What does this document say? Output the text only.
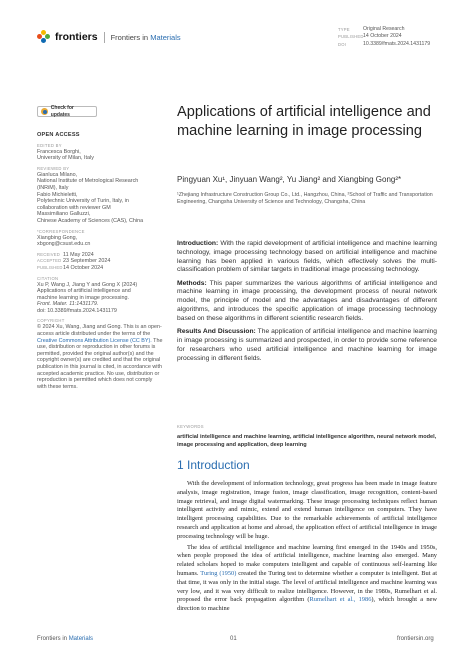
frontiers Frontiers in Materials
TYPE	Original Research
PUBLISHED 14 October 2024
DOI	10.3389/fmats.2024.1431179
Check for updates
OPEN ACCESS
EDITED BY
Francesca Borghi,
University of Milan, Italy
REVIEWED BY
Gianluca Milano,
National Institute of Metrological Research
(INRiM), Italy
Fabio Michieletti,
Polytechnic University of Turin, Italy, in
collaboration with reviewer GM
Massimiliano Galluzzi,
Chinese Academy of Sciences (CAS), China
*CORRESPONDENCE
Xiangbing Gong,
xbgong@csust.edu.cn
RECEIVED 11 May 2024
ACCEPTED 23 September 2024
PUBLISHED 14 October 2024
CITATION
Xu P, Wang J, Jiang Y and Gong X (2024)
Applications of artificial intelligence and
machine learning in image processing.
Front. Mater. 11:1431179.
doi: 10.3389/fmats.2024.1431179
COPYRIGHT
© 2024 Xu, Wang, Jiang and Gong. This is an open-access article distributed under the terms of the Creative Commons Attribution License (CC BY). The use, distribution or reproduction in other forums is permitted, provided the original author(s) and the copyright owner(s) are credited and that the original publication in this journal is cited, in accordance with accepted academic practice. No use, distribution or reproduction is permitted which does not comply with these terms.
Applications of artificial intelligence and machine learning in image processing
Pingyuan Xu¹, Jinyuan Wang², Yu Jiang² and Xiangbing Gong²*
¹Zhejiang Infrastructure Construction Group Co., Ltd., Hangzhou, China, ²School of Traffic and Transportation Engineering, Changsha University of Science and Technology, Changsha, China

Introduction: With the rapid development of artificial intelligence and machine learning technology, image processing technology based on artificial intelligence and machine learning has been applied in various fields, which effectively solves the multi-classification problem of similar targets in traditional image processing technology.

Methods: This paper summarizes the various algorithms of artificial intelligence and machine learning in image processing, the development process of neural network model, the principle of model and the advantages and disadvantages of different algorithms, and introduces the specific application of image processing technology based on these algorithms in different scientific research fields.

Results And Discussion: The application of artificial intelligence and machine learning in image processing is summarized and prospected, in order to provide some reference for researchers who used artificial intelligence and machine learning for image processing in different fields.

KEYWORDS
artificial intelligence and machine learning, artificial intelligence algorithm, neural network model, image processing and application, deep learning
1 Introduction

With the development of information technology, great progress has been made in image feature analysis, image registration, image fusion, image classification, image recognition, content-based image retrieval, and image digital watermarking. These image processing techniques reflect human intelligent activity and mimic, extend and extend human intelligence on computers. They have intelligent processing capabilities. Due to the remarkable achievements of artificial intelligence research and application at home and abroad, the application effect of artificial intelligence in image processing technology will be huge.

The idea of artificial intelligence and machine learning first emerged in the 1940s and 1950s, when people proposed the idea of artificial intelligence, machine learning also emerged. Many related scholars hoped to make computers intelligent and capable of continuous self-learning like humans. Turing (1950) created the Turing test to determine whether a computer is intelligent. But at that time, it was only in the initial stage. The level of artificial intelligence and machine learning was very low, and it was very difficult to realize intelligence. However, in the 1980s, Rumelhart et al. proposed the error back propagation algorithm (Rumelhart et al., 1986), which brought a new direction to machine

Frontiers in Materials	01	frontiersin.org
